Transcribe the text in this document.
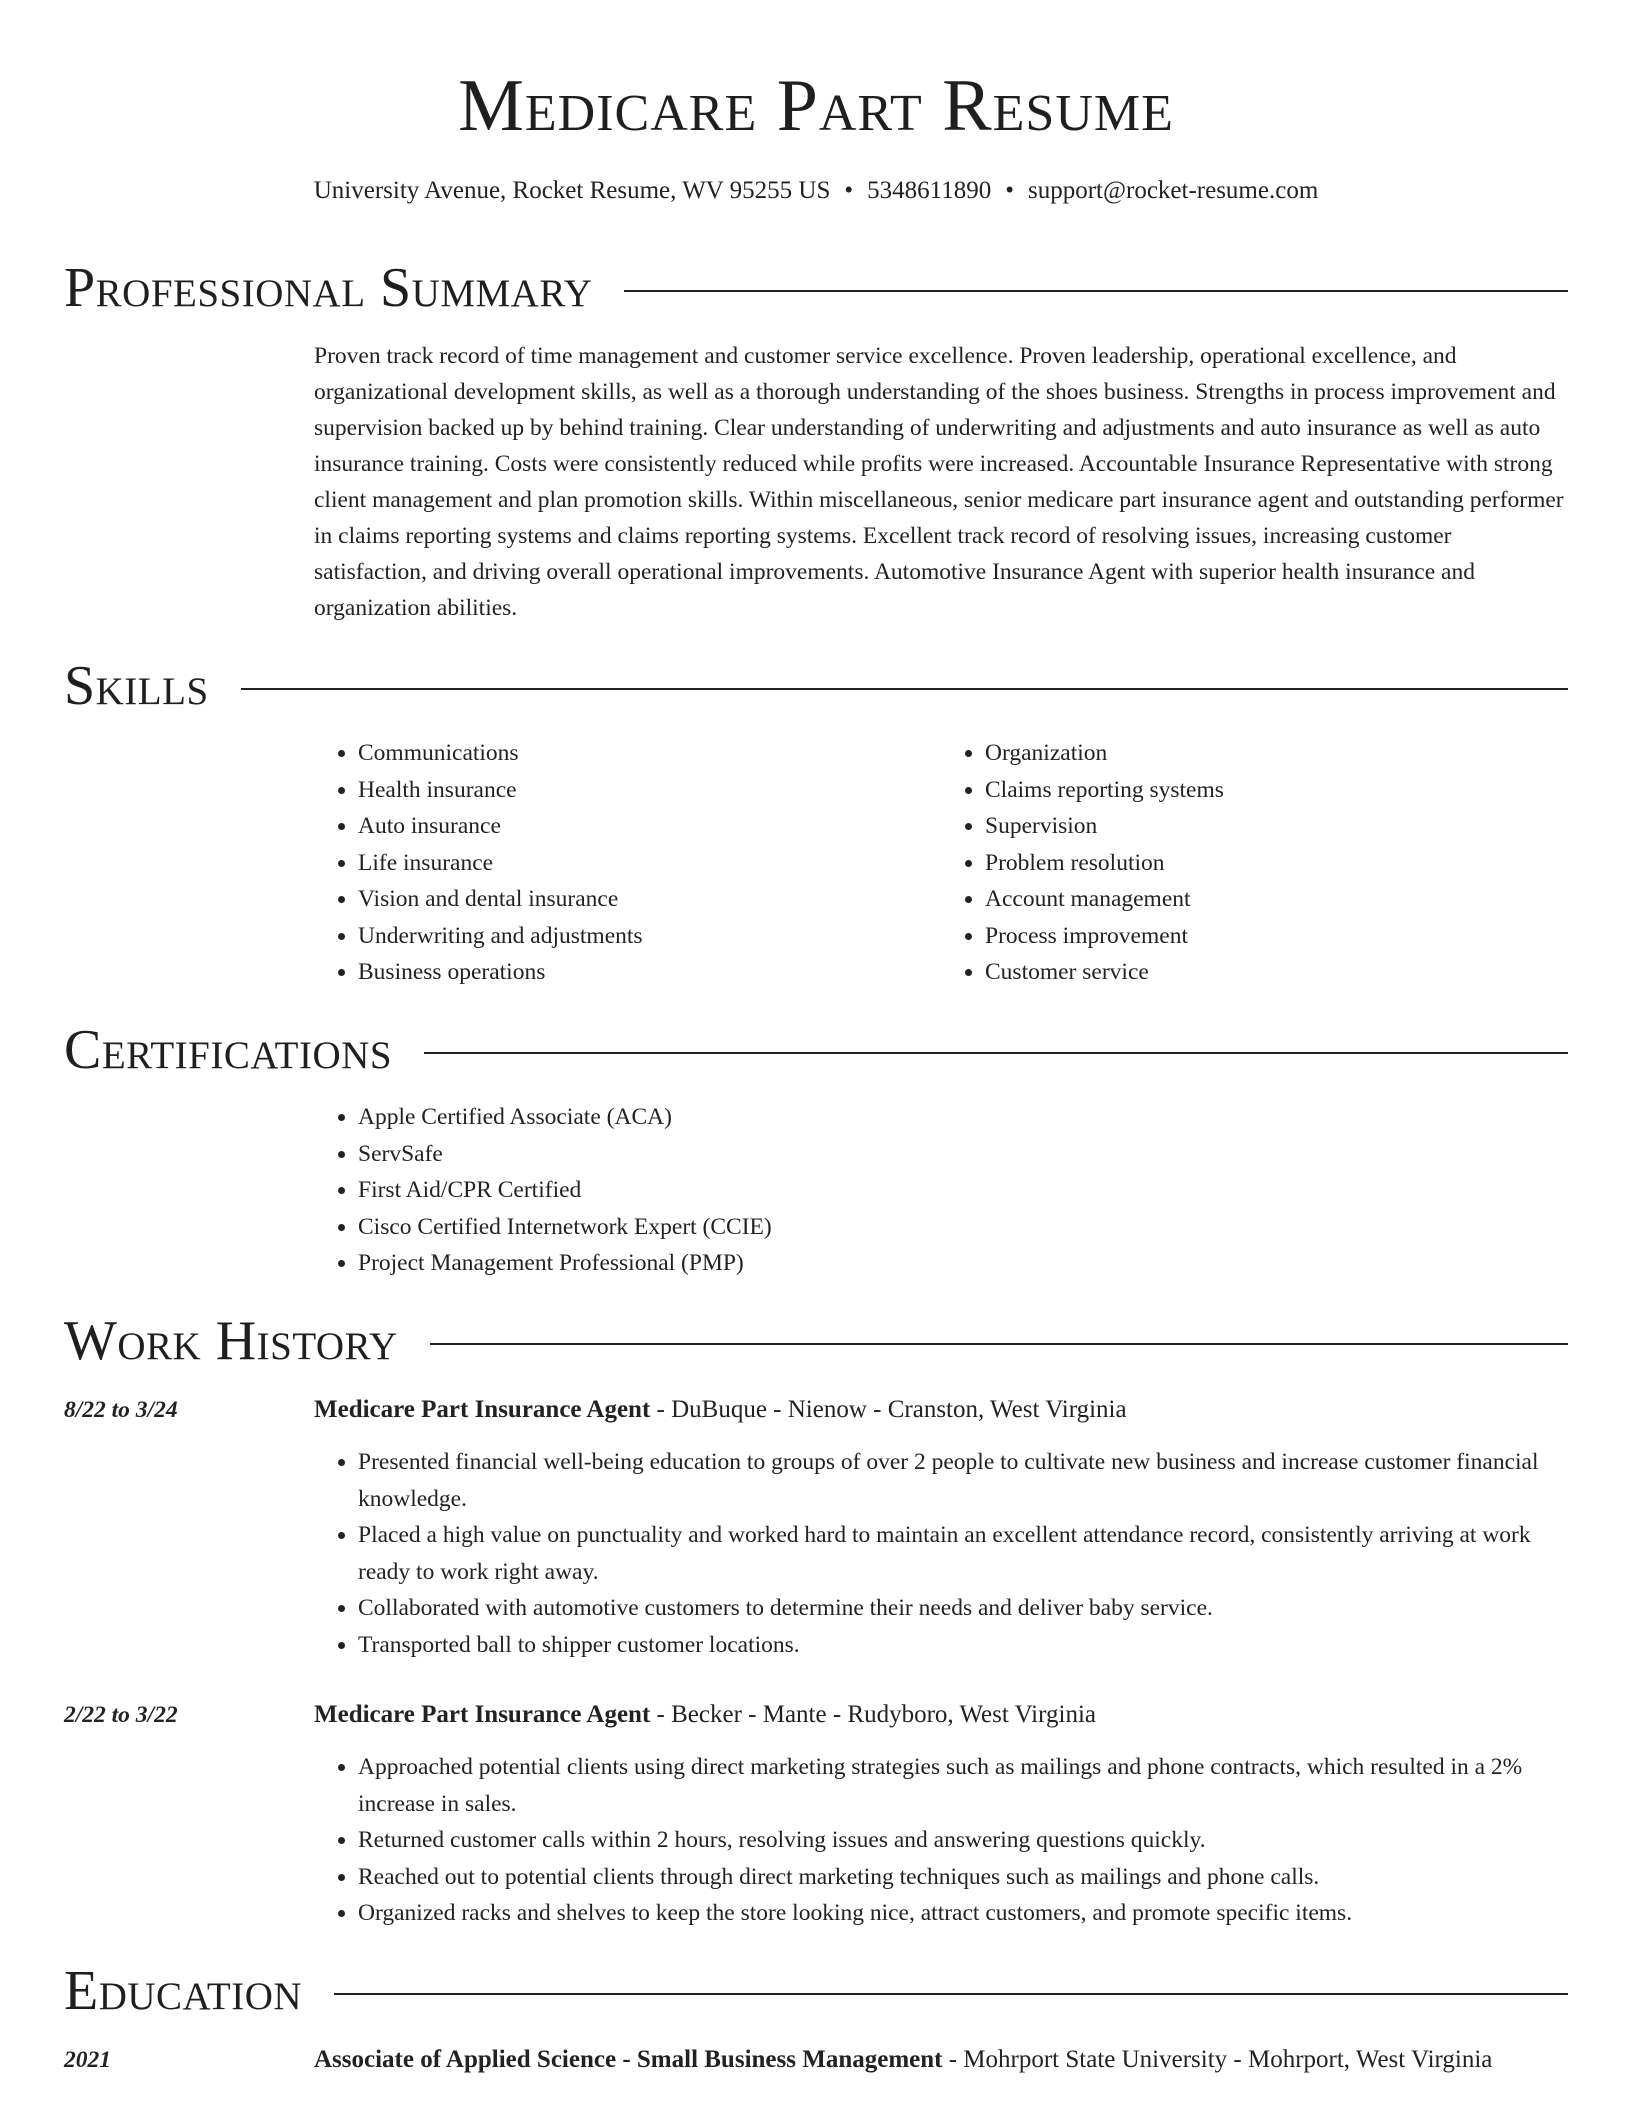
Medicare Part Resume
University Avenue, Rocket Resume, WV 95255 US • 5348611890 • support@rocket-resume.com
Professional Summary

Proven track record of time management and customer service excellence. Proven leadership, operational excellence, and organizational development skills, as well as a thorough understanding of the shoes business. Strengths in process improvement and supervision backed up by behind training. Clear understanding of underwriting and adjustments and auto insurance as well as auto insurance training. Costs were consistently reduced while profits were increased. Accountable Insurance Representative with strong client management and plan promotion skills. Within miscellaneous, senior medicare part insurance agent and outstanding performer in claims reporting systems and claims reporting systems. Excellent track record of resolving issues, increasing customer satisfaction, and driving overall operational improvements. Automotive Insurance Agent with superior health insurance and organization abilities.

Skills
• Communications
• Health insurance
• Auto insurance
• Life insurance
• Vision and dental insurance
• Underwriting and adjustments
• Business operations
• Organization
• Claims reporting systems
• Supervision
• Problem resolution
• Account management
• Process improvement
• Customer service
Certifications
• Apple Certified Associate (ACA)
• ServSafe
• First Aid/CPR Certified
• Cisco Certified Internetwork Expert (CCIE)
• Project Management Professional (PMP)
Work History
8/22 to 3/24	Medicare Part Insurance Agent - DuBuque - Nienow - Cranston, West Virginia
• Presented financial well-being education to groups of over 2 people to cultivate new business and increase customer financial knowledge.
• Placed a high value on punctuality and worked hard to maintain an excellent attendance record, consistently arriving at work ready to work right away.
• Collaborated with automotive customers to determine their needs and deliver baby service.
• Transported ball to shipper customer locations.
2/22 to 3/22	Medicare Part Insurance Agent - Becker - Mante - Rudyboro, West Virginia
• Approached potential clients using direct marketing strategies such as mailings and phone contracts, which resulted in a 2% increase in sales.
• Returned customer calls within 2 hours, resolving issues and answering questions quickly.
• Reached out to potential clients through direct marketing techniques such as mailings and phone calls.
• Organized racks and shelves to keep the store looking nice, attract customers, and promote specific items.
Education
2021	Associate of Applied Science - Small Business Management - Mohrport State University - Mohrport, West Virginia
